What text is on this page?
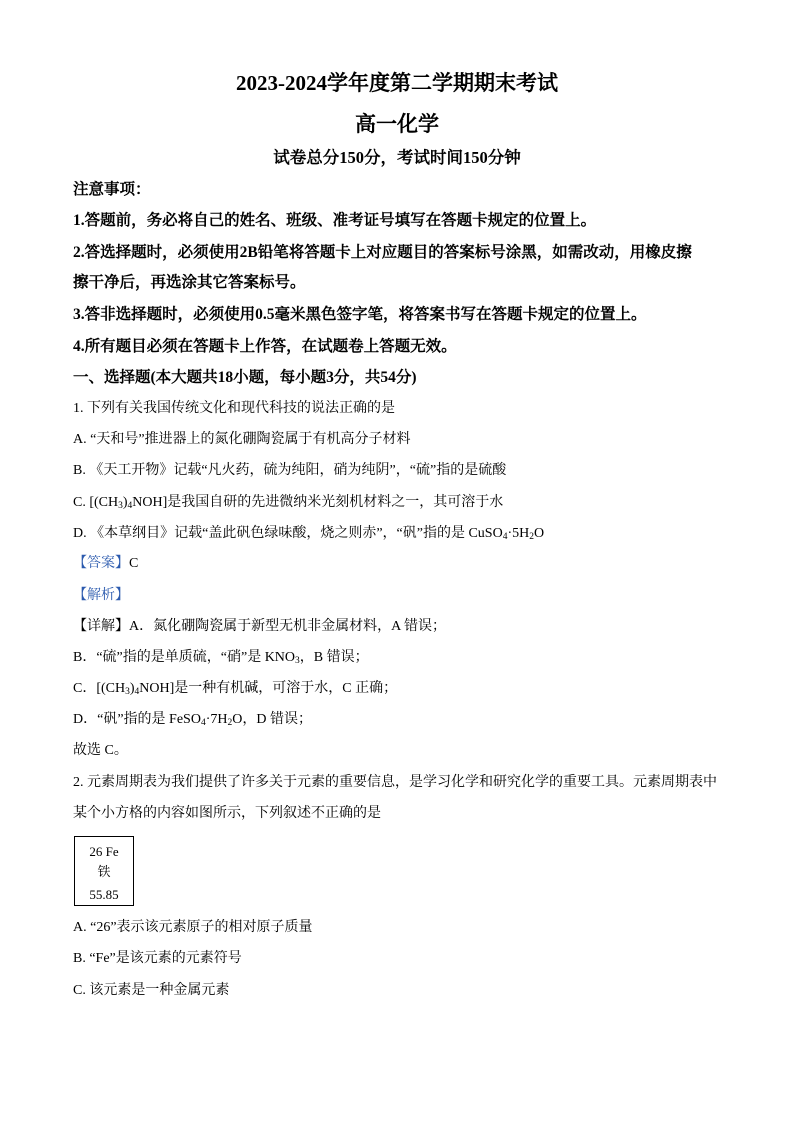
2023-2024学年度第二学期期末考试
高一化学
试卷总分150分，考试时间150分钟
注意事项：
1.答题前，务必将自己的姓名、班级、准考证号填写在答题卡规定的位置上。
2.答选择题时，必须使用2B铅笔将答题卡上对应题目的答案标号涂黑，如需改动，用橡皮擦
擦干净后，再选涂其它答案标号。
3.答非选择题时，必须使用0.5毫米黑色签字笔，将答案书写在答题卡规定的位置上。
4.所有题目必须在答题卡上作答，在试题卷上答题无效。
一、选择题(本大题共18小题，每小题3分，共54分)
1. 下列有关我国传统文化和现代科技的说法正确的是
A. “天和号”推进器上的氮化硼陶瓷属于有机高分子材料
B. 《天工开物》记载“凡火药，硫为纯阳，硝为纯阴”，“硫”指的是硫酸
C. $[(CH_3)_4NOH]$是我国自研的先进微纳米光刻机材料之一，其可溶于水
D. 《本草纲目》记载“盖此矾色绿味酸，烧之则赤”，“矾”指的是 $CuSO_4\cdot 5H_2O$
【答案】C
【解析】
【详解】A．氮化硼陶瓷属于新型无机非金属材料，A 错误；
B．“硫”指的是单质硫，“硝”是 $KNO_3$，B 错误；
C．$[(CH_3)_4NOH]$是一种有机碱，可溶于水，C 正确；
D．“矾”指的是 $FeSO_4\cdot 7H_2O$，D 错误；
故选 C。
2. 元素周期表为我们提供了许多关于元素的重要信息，是学习化学和研究化学的重要工具。元素周期表中
某个小方格的内容如图所示，下列叙述不正确的是
26 Fe
铁
55.85
A. “26”表示该元素原子的相对原子质量
B. “Fe”是该元素的元素符号
C. 该元素是一种金属元素
